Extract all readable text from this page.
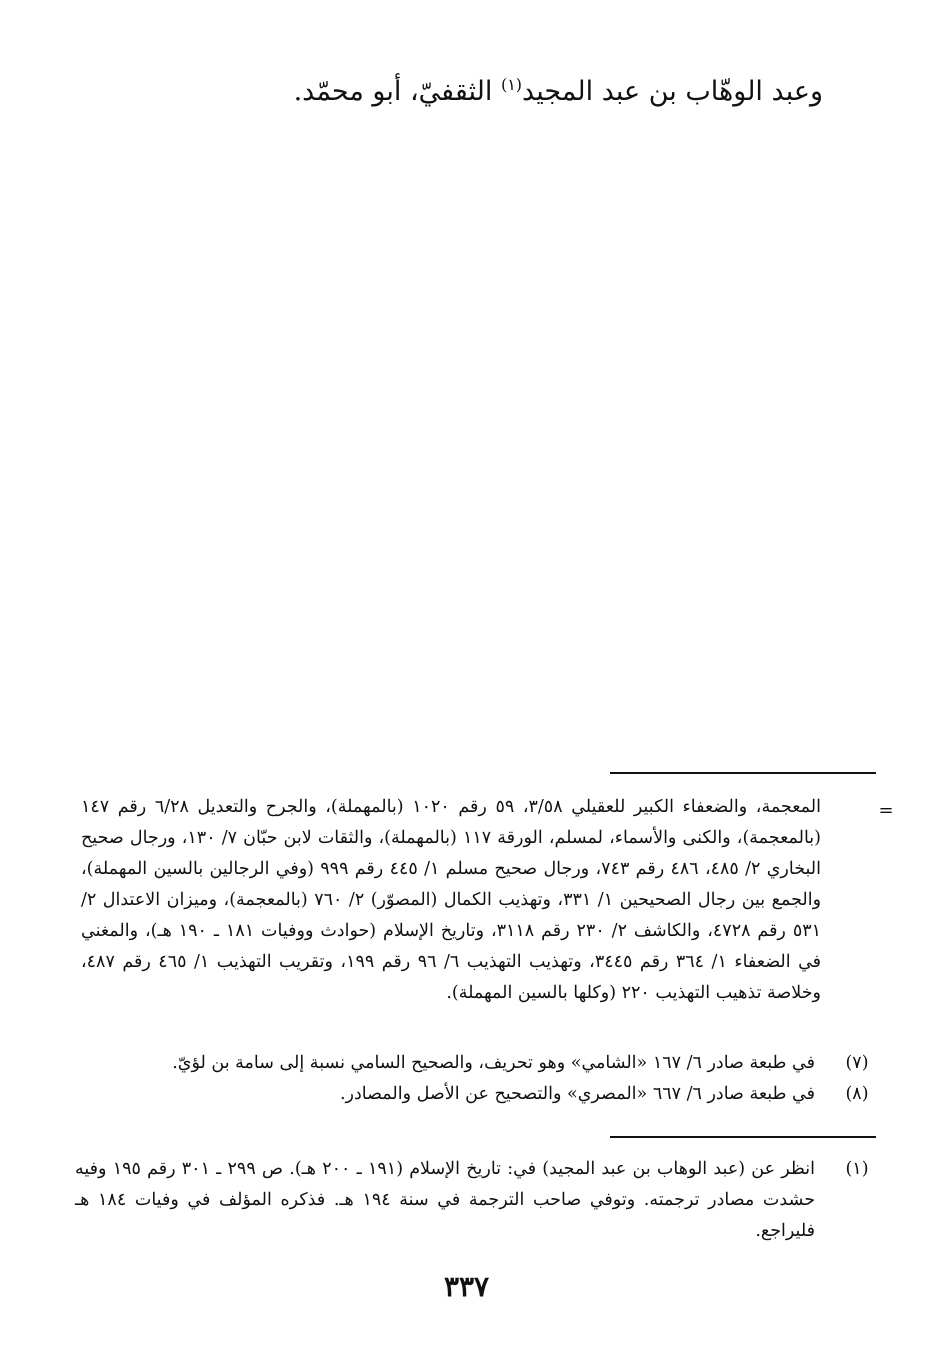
وعبد الوهّاب بن عبد المجيد$^{(١)}$ الثقفيّ، أبو محمّد.
=
المعجمة، والضعفاء الكبير للعقيلي ٣/٥٨، ٥٩ رقم ١٠٢٠ (بالمهملة)، والجرح والتعديل ٦/٢٨ رقم ١٤٧ (بالمعجمة)، والكنى والأسماء، لمسلم، الورقة ١١٧ (بالمهملة)، والثقات لابن حبّان ٧/ ١٣٠، ورجال صحيح البخاري ٢/ ٤٨٥، ٤٨٦ رقم ٧٤٣، ورجال صحيح مسلم ١/ ٤٤٥ رقم ٩٩٩ (وفي الرجالين بالسين المهملة)، والجمع بين رجال الصحيحين ١/ ٣٣١، وتهذيب الكمال (المصوّر) ٢/ ٧٦٠ (بالمعجمة)، وميزان الاعتدال ٢/ ٥٣١ رقم ٤٧٢٨، والكاشف ٢/ ٢٣٠ رقم ٣١١٨، وتاريخ الإسلام (حوادث ووفيات ١٨١ ـ ١٩٠ هـ)، والمغني في الضعفاء ١/ ٣٦٤ رقم ٣٤٤٥، وتهذيب التهذيب ٦/ ٩٦ رقم ١٩٩، وتقريب التهذيب ١/ ٤٦٥ رقم ٤٨٧، وخلاصة تذهيب التهذيب ٢٢٠ (وكلها بالسين المهملة).
(٧)
في طبعة صادر ٦/ ١٦٧ «الشامي» وهو تحريف، والصحيح السامي نسبة إلى سامة بن لؤيّ.
(٨)
في طبعة صادر ٦/ ٦٦٧ «المصري» والتصحيح عن الأصل والمصادر.
(١)
انظر عن (عبد الوهاب بن عبد المجيد) في: تاريخ الإسلام (١٩١ ـ ٢٠٠ هـ). ص ٢٩٩ ـ ٣٠١ رقم ١٩٥ وفيه حشدت مصادر ترجمته. وتوفي صاحب الترجمة في سنة ١٩٤ هـ. فذكره المؤلف في وفيات ١٨٤ هـ فليراجع.
٣٣٧
